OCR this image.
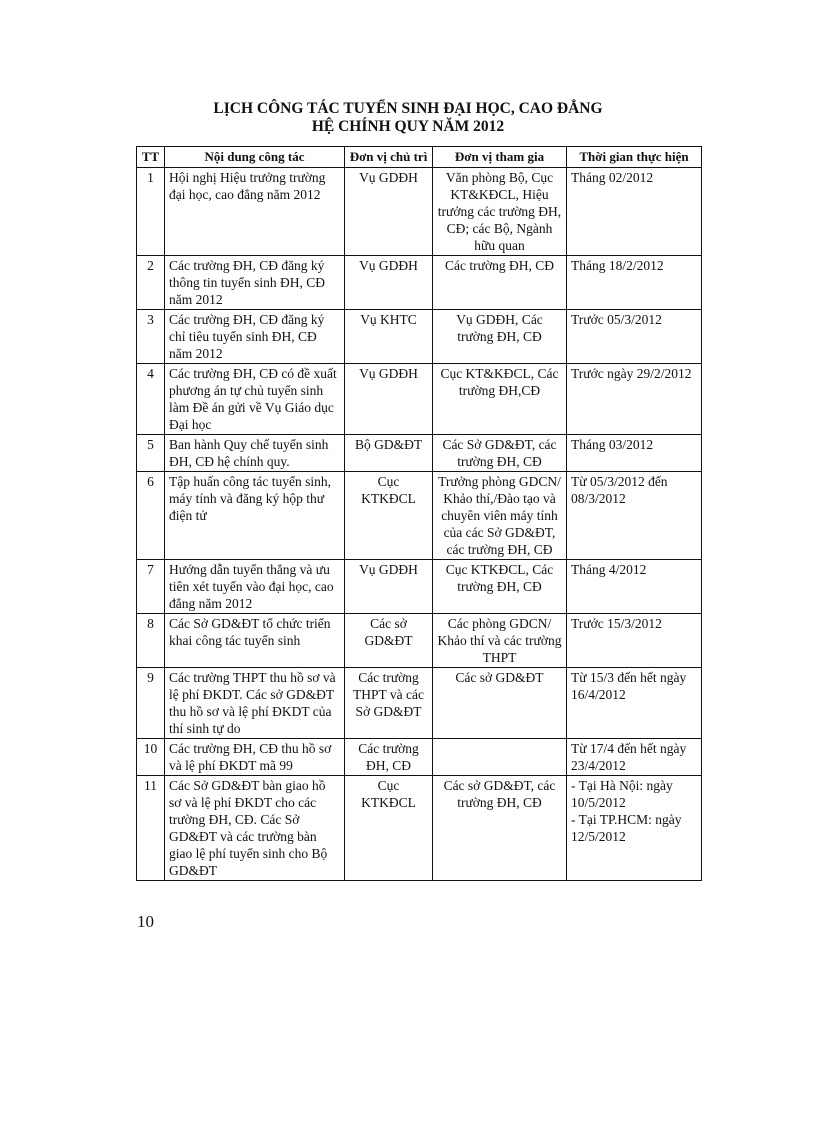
LỊCH CÔNG TÁC TUYỂN SINH ĐẠI HỌC, CAO ĐẲNG
HỆ CHÍNH QUY NĂM 2012
TT	Nội dung công tác	Đơn vị chủ trì	Đơn vị tham gia	Thời gian thực hiện
1	Hội nghị Hiệu trưởng trường đại học, cao đẳng năm 2012	Vụ GDĐH	Văn phòng Bộ, Cục KT&KĐCL, Hiệu trưởng các trường ĐH, CĐ; các Bộ, Ngành hữu quan	Tháng 02/2012

2	Các trường ĐH, CĐ đăng ký thông tin tuyển sinh ĐH, CĐ năm 2012	Vụ GDĐH	Các trường ĐH, CĐ	Tháng 18/2/2012

3	Các trường ĐH, CĐ đăng ký chỉ tiêu tuyển sinh ĐH, CĐ năm 2012	Vụ KHTC	Vụ GDĐH, Các trường ĐH, CĐ	Trước 05/3/2012

4	Các trường ĐH, CĐ có đề xuất phương án tự chủ tuyển sinh làm Đề án gửi về Vụ Giáo dục Đại học	Vụ GDĐH	Cục KT&KĐCL, Các trường ĐH,CĐ	Trước ngày 29/2/2012

5	Ban hành Quy chế tuyển sinh ĐH, CĐ hệ chính quy.	Bộ GD&ĐT	Các Sở GD&ĐT, các trường ĐH, CĐ	Tháng 03/2012

6	Tập huấn công tác tuyển sinh, máy tính và đăng ký hộp thư điện tử	Cục KTKĐCL	Trưởng phòng GDCN/ Khảo thí,/Đào tạo và chuyên viên máy tính của các Sở GD&ĐT, các trường ĐH, CĐ	Từ 05/3/2012 đến 08/3/2012

7	Hướng dẫn tuyển thẳng và ưu tiên xét tuyển vào đại học, cao đẳng năm 2012	Vụ GDĐH	Cục KTKĐCL, Các trường ĐH, CĐ	Tháng 4/2012

8	Các Sở GD&ĐT tổ chức triển khai công tác tuyển sinh	Các sở GD&ĐT	Các phòng GDCN/ Khảo thí và các trường THPT	Trước 15/3/2012

9	Các trường THPT thu hồ sơ và lệ phí ĐKDT. Các sở GD&ĐT thu hồ sơ và lệ phí ĐKDT của thí sinh tự do	Các trường THPT và các Sở GD&ĐT	Các sở GD&ĐT	Từ 15/3 đến hết ngày 16/4/2012

10	Các trường ĐH, CĐ thu hồ sơ và lệ phí ĐKDT mã 99	Các trường ĐH, CĐ		Từ 17/4 đến hết ngày 23/4/2012

11	Các Sở GD&ĐT bàn giao hồ sơ và lệ phí ĐKDT cho các trường ĐH, CĐ. Các Sở GD&ĐT và các trường bàn giao lệ phí tuyển sinh cho Bộ GD&ĐT	Cục KTKĐCL	Các sở GD&ĐT, các trường ĐH, CĐ	- Tại Hà Nội: ngày 10/5/2012
- Tại TP.HCM: ngày 12/5/2012
10
